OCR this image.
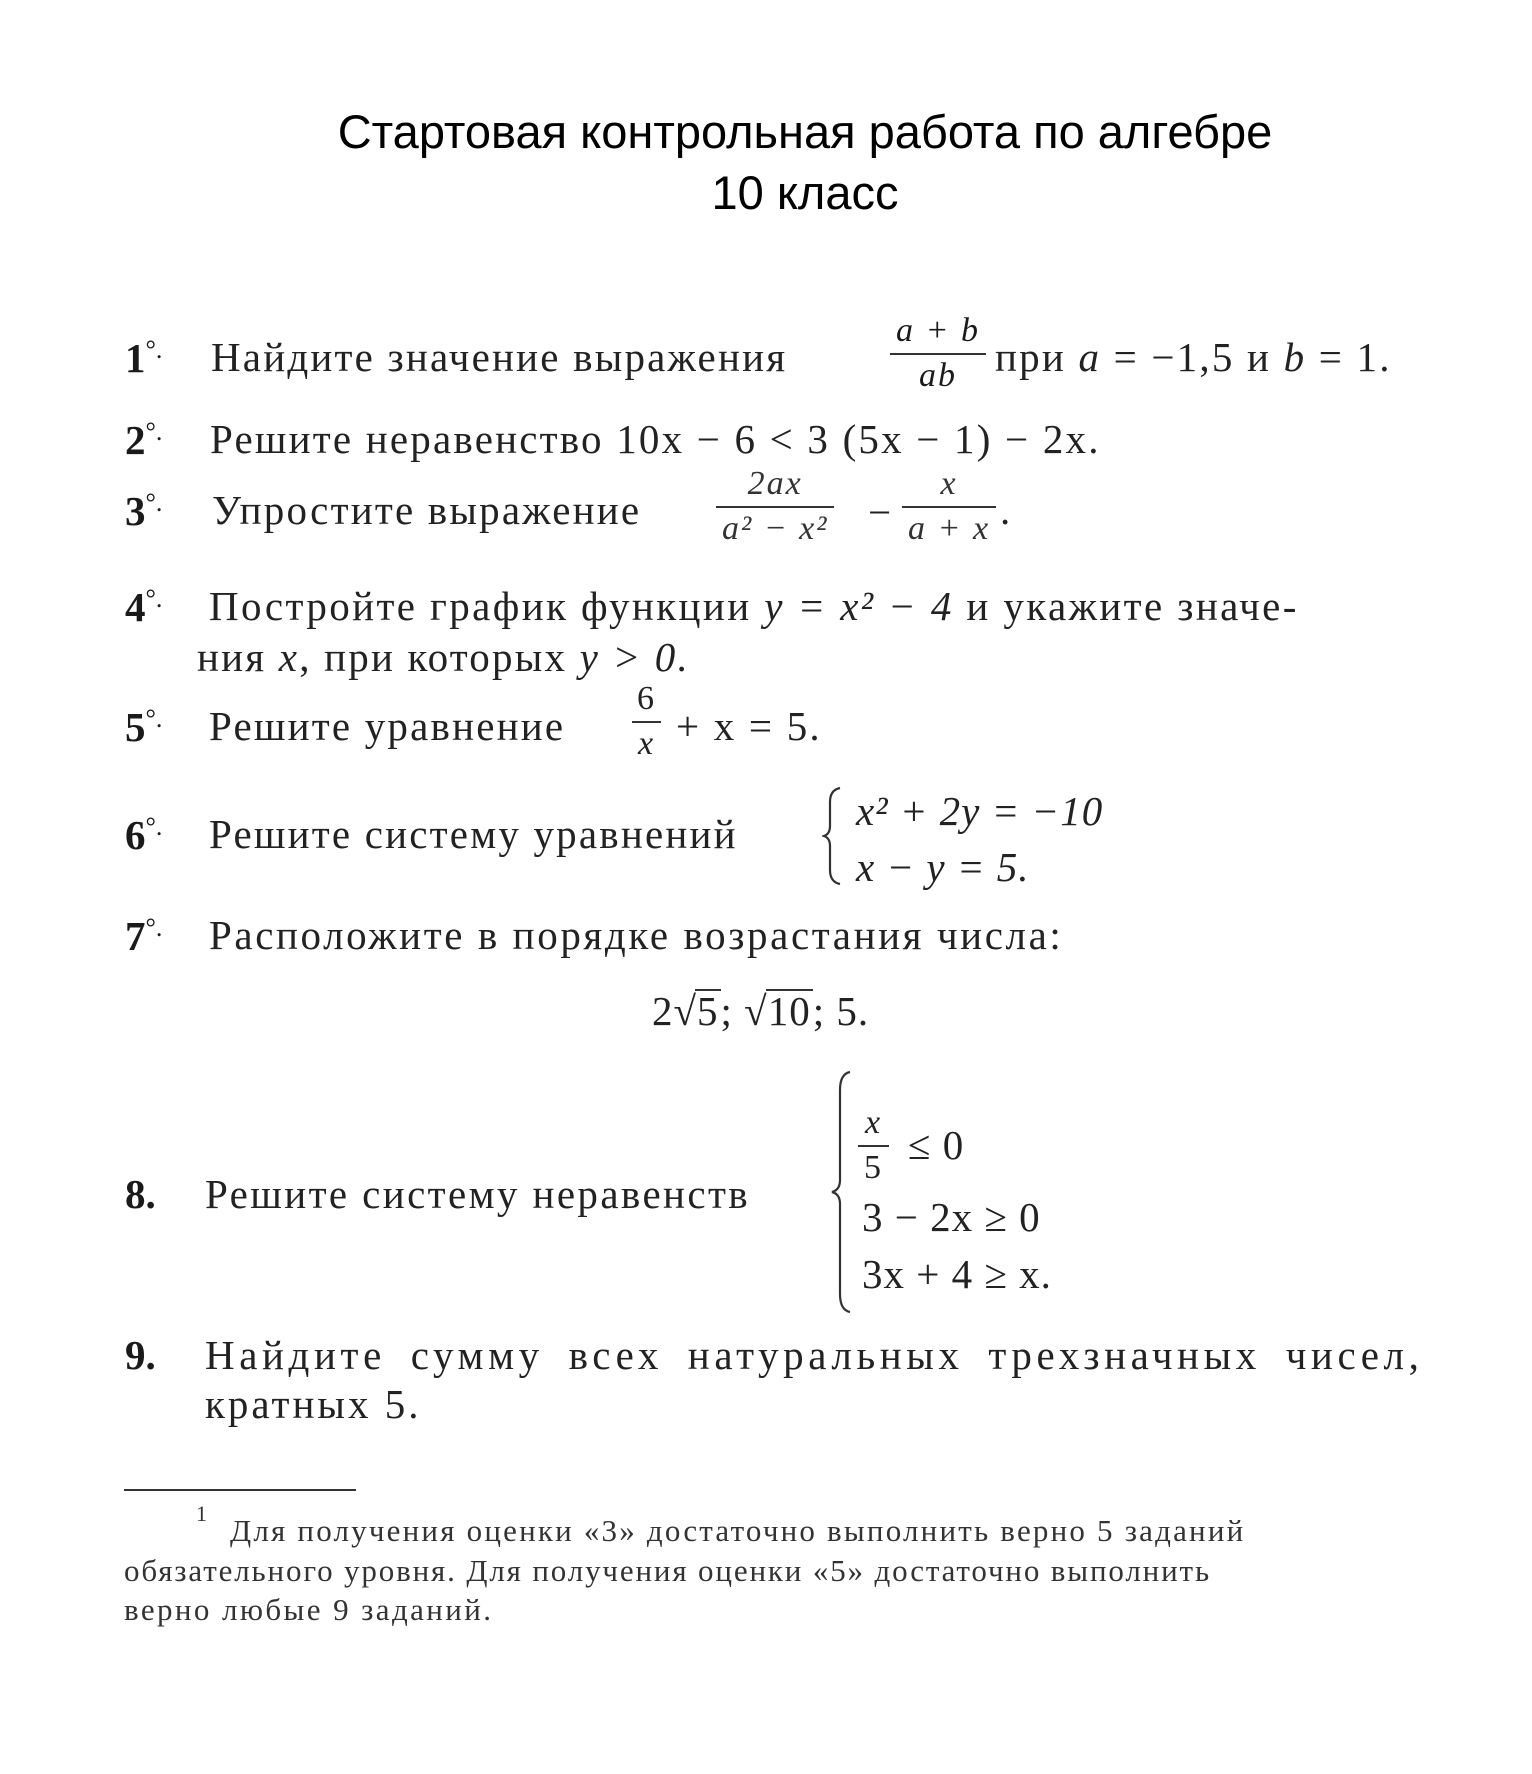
Стартовая контрольная работа по алгебре
10 класс
1°. Найдите значение выражения	$\frac{a + b}{ab}$ при a = −1,5 и b = 1.
2°. Решите неравенство 10x − 6 < 3 (5x − 1) − 2x.
3°. Упростите выражение $\frac{2ax}{\text{a² − x²}} - \frac{x}{a + x}$ .
4°. Постройте график функции y = x² − 4 и укажите значе-
ния x, при которых y > 0.
5°. Решите уравнение $\frac{6}{x} + x = 5$.
6°. Решите систему уравнений	x² + 2y = −10
x − y = 5.
7°. Расположите в порядке возрастания числа:
2√5; √10; 5.
8. Решите систему неравенств
$\frac{x}{5} \le 0$
3 − 2x ≥ 0
3x + 4 ≥ x.
9. Найдите сумму всех натуральных трехзначных чисел,
кратных 5.
1 Для получения оценки «3» достаточно выполнить верно 5 заданий
обязательного уровня. Для получения оценки «5» достаточно выполнить
верно любые 9 заданий.
